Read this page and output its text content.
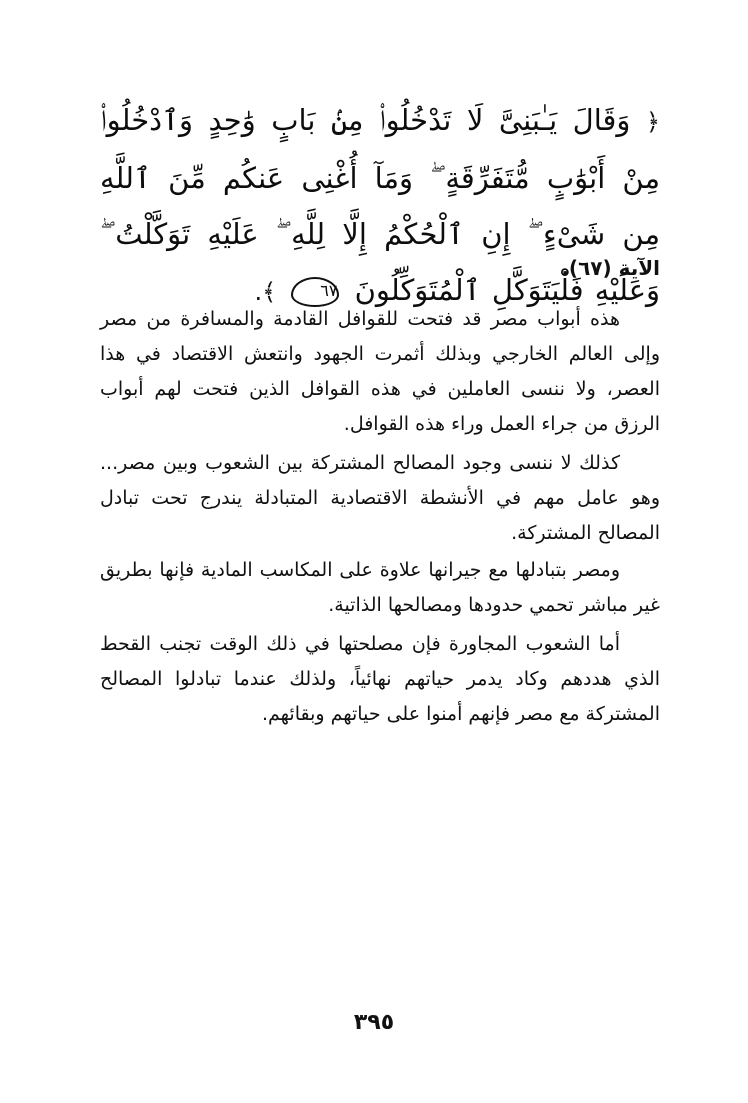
﴿ وَقَالَ يَـٰبَنِىَّ لَا تَدْخُلُوا۟ مِنۢ بَابٍ وَٰحِدٍ وَٱدْخُلُوا۟ مِنْ أَبْوَٰبٍ مُّتَفَرِّقَةٍ ۖ وَمَآ أُغْنِى عَنكُم مِّنَ ٱللَّهِ مِن شَىْءٍ ۖ إِنِ ٱلْحُكْمُ إِلَّا لِلَّهِ ۖ عَلَيْهِ تَوَكَّلْتُ ۖ وَعَلَيْهِ فَلْيَتَوَكَّلِ ٱلْمُتَوَكِّلُونَ ٦٧ ﴾.
الآية (٦٧).
هذه أبواب مصر قد فتحت للقوافل القادمة والمسافرة من مصر وإلى العالم الخارجي وبذلك أثمرت الجهود وانتعش الاقتصاد في هذا العصر، ولا ننسى العاملين في هذه القوافل الذين فتحت لهم أبواب الرزق من جراء العمل وراء هذه القوافل.
كذلك لا ننسى وجود المصالح المشتركة بين الشعوب وبين مصر... وهو عامل مهم في الأنشطة الاقتصادية المتبادلة يندرج تحت تبادل المصالح المشتركة.
ومصر بتبادلها مع جيرانها علاوة على المكاسب المادية فإنها بطريق غير مباشر تحمي حدودها ومصالحها الذاتية.
أما الشعوب المجاورة فإن مصلحتها في ذلك الوقت تجنب القحط الذي هددهم وكاد يدمر حياتهم نهائياً، ولذلك عندما تبادلوا المصالح المشتركة مع مصر فإنهم أمنوا على حياتهم وبقائهم.
٣٩٥
